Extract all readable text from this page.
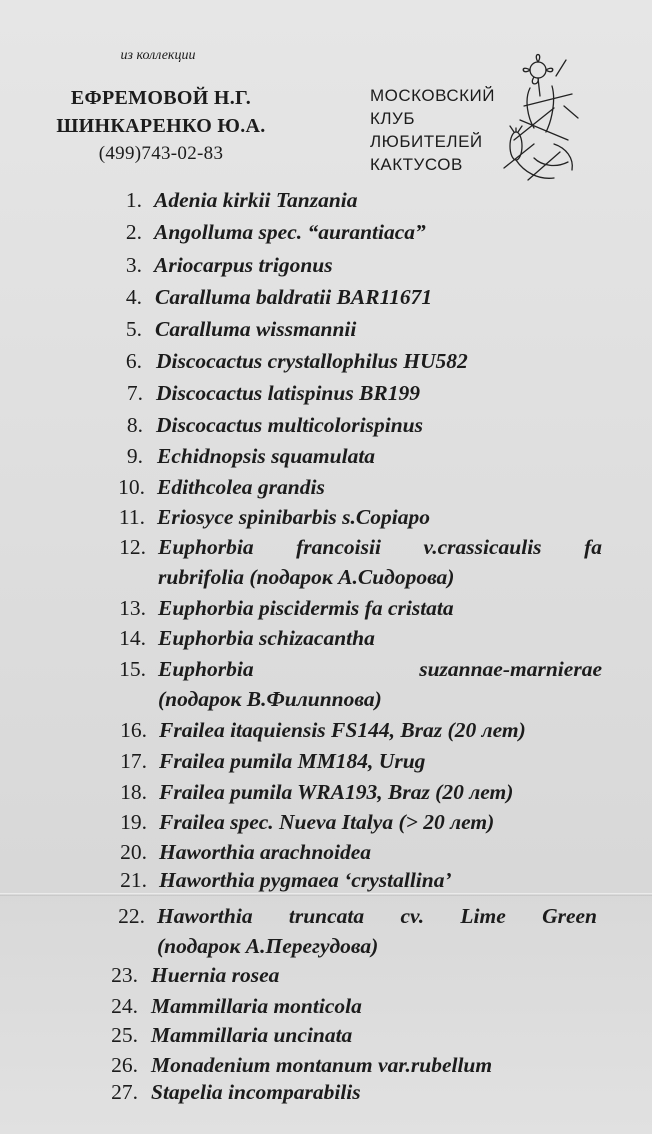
из коллекции
ЕФРЕМОВОЙ Н.Г.
ШИНКАРЕНКО Ю.А.
(499)743-02-83
МОСКОВСКИЙ
КЛУБ
ЛЮБИТЕЛЕЙ
КАКТУСОВ
1. Adenia kirkii Tanzania
2. Angolluma spec. “aurantiaca”
3. Ariocarpus trigonus
4. Caralluma baldratii BAR11671
5. Caralluma wissmannii
6. Discocactus crystallophilus HU582
7. Discocactus latispinus BR199
8. Discocactus multicolorispinus
9. Echidnopsis squamulata
10. Edithcolea grandis
11. Eriosyce spinibarbis s.Copiapo
12. Euphorbia francoisii v.crassicaulis fa
rubrifolia (подарок А.Сидорова)
13. Euphorbia piscidermis fa cristata
14. Euphorbia schizacantha
15. Euphorbia suzannae-marnierae
(подарок В.Филиппова)
16. Frailea itaquiensis FS144, Braz (20 лет)
17. Frailea pumila MM184, Urug
18. Frailea pumila WRA193, Braz (20 лет)
19. Frailea spec. Nueva Italya (> 20 лет)
20. Haworthia arachnoidea
21. Haworthia pygmaea ‘crystallina’
22. Haworthia truncata cv. Lime Green
(подарок А.Перегудова)
23. Huernia rosea
24. Mammillaria monticola
25. Mammillaria uncinata
26. Monadenium montanum var.rubellum
27. Stapelia incomparabilis
